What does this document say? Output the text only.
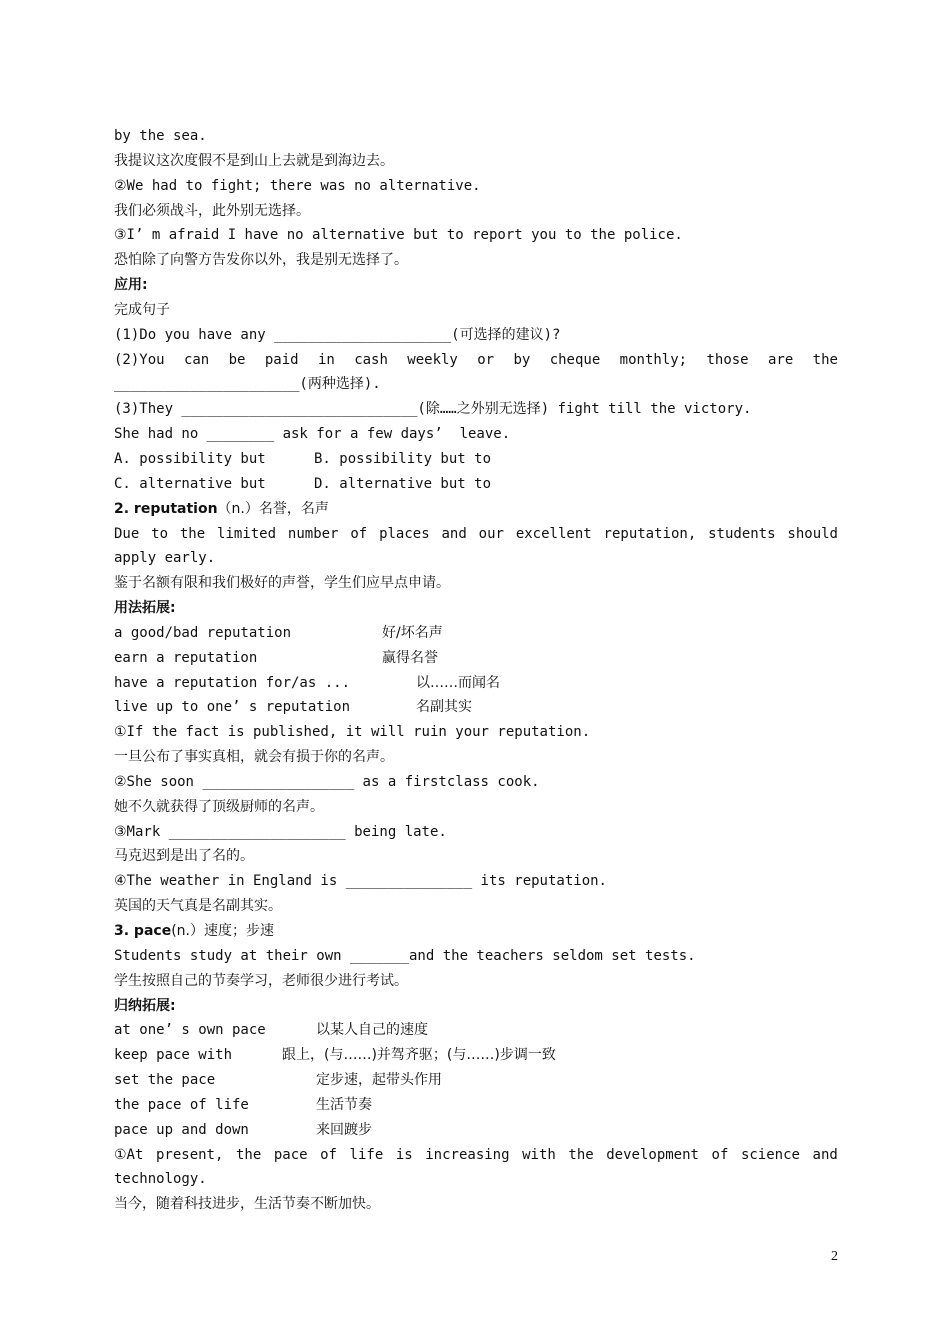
by the sea.
我提议这次度假不是到山上去就是到海边去。
②We had to fight; there was no alternative.
我们必须战斗，此外别无选择。
③I’ m afraid I have no alternative but to report you to the police.
恐怕除了向警方告发你以外，我是别无选择了。
应用:
完成句子
(1)Do you have any _____________________(可选择的建议)?
(2)You can be paid in cash weekly or by cheque monthly; those are the
______________________(两种选择).
(3)They ____________________________(除……之外别无选择) fight till the victory.
She had no ________ ask for a few days’  leave.
A. possibility but	B. possibility but to
C. alternative but	D. alternative but to
2. reputation（n.）名誉，名声
Due to the limited number of places and our excellent reputation, students should
apply early.
鉴于名额有限和我们极好的声誉，学生们应早点申请。
用法拓展:
a good/bad reputation	好/坏名声
earn a reputation	赢得名誉
have a reputation for/as ...	以……而闻名
live up to one’ s reputation	名副其实
①If the fact is published, it will ruin your reputation.
一旦公布了事实真相，就会有损于你的名声。
②She soon __________________ as a firstclass cook.
她不久就获得了顶级厨师的名声。
③Mark _____________________ being late.
马克迟到是出了名的。
④The weather in England is _______________ its reputation.
英国的天气真是名副其实。
3. pace(n.）速度；步速
Students study at their own _______and the teachers seldom set tests.
学生按照自己的节奏学习，老师很少进行考试。
归纳拓展:
at one’ s own pace	以某人自己的速度
keep pace with	跟上，(与……)并驾齐驱；(与……)步调一致
set the pace	定步速，起带头作用
the pace of life	生活节奏
pace up and down	来回踱步
①At present, the pace of life is increasing with the development of science and
technology.
当今，随着科技进步，生活节奏不断加快。
2
